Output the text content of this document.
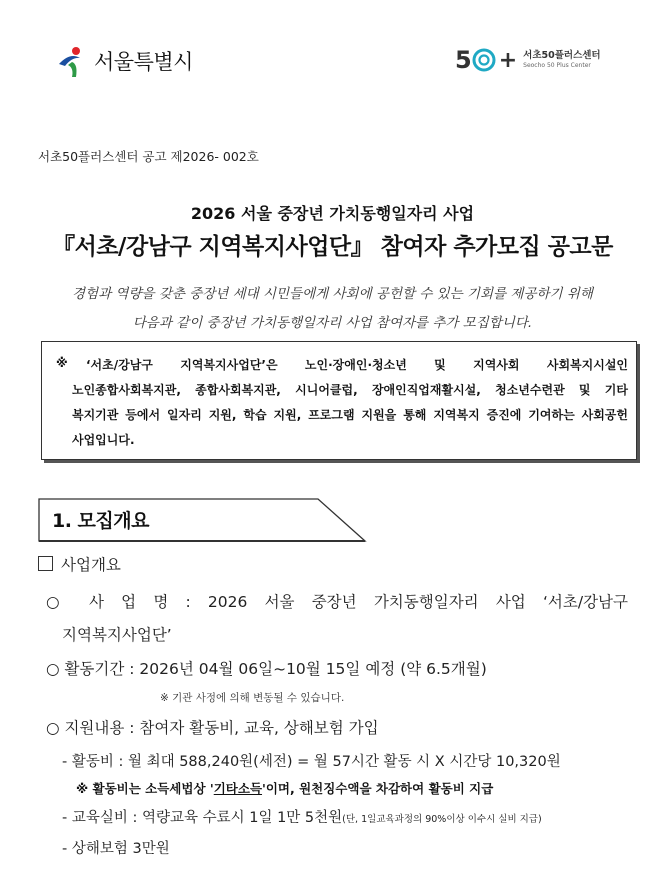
서울특별시	5 + 서초50플러스센터
Seocho 50 Plus Center
서초50플러스센터 공고 제2026- 002호
2026 서울 중장년 가치동행일자리 사업
『서초/강남구 지역복지사업단』 참여자 추가모집 공고문
경험과 역량을 갖춘 중장년 세대 시민들에게 사회에 공헌할 수 있는 기회를 제공하기 위해
다음과 같이 중장년 가치동행일자리 사업 참여자를 추가 모집합니다.
※ ‘서초/강남구 지역복지사업단’은 노인·장애인·청소년 및 지역사회 사회복지시설인
노인종합사회복지관, 종합사회복지관, 시니어클럽, 장애인직업재활시설, 청소년수련관 및 기타
복지기관 등에서 일자리 지원, 학습 지원, 프로그램 지원을 통해 지역복지 증진에 기여하는 사회공헌
사업입니다.
1. 모집개요
사업개요
○ 사 업 명 : 2026 서울 중장년 가치동행일자리 사업 ‘서초/강남구
지역복지사업단’
○ 활동기간 : 2026년 04월 06일~10월 15일 예정 (약 6.5개월)
※ 기관 사정에 의해 변동될 수 있습니다.
○ 지원내용 : 참여자 활동비, 교육, 상해보험 가입
- 활동비 : 월 최대 588,240원(세전) = 월 57시간 활동 시 X 시간당 10,320원
※ 활동비는 소득세법상 '기타소득'이며, 원천징수액을 차감하여 활동비 지급
- 교육실비 : 역량교육 수료시 1일 1만 5천원(단, 1일교육과정의 90%이상 이수시 실비 지급)
- 상해보험 3만원
